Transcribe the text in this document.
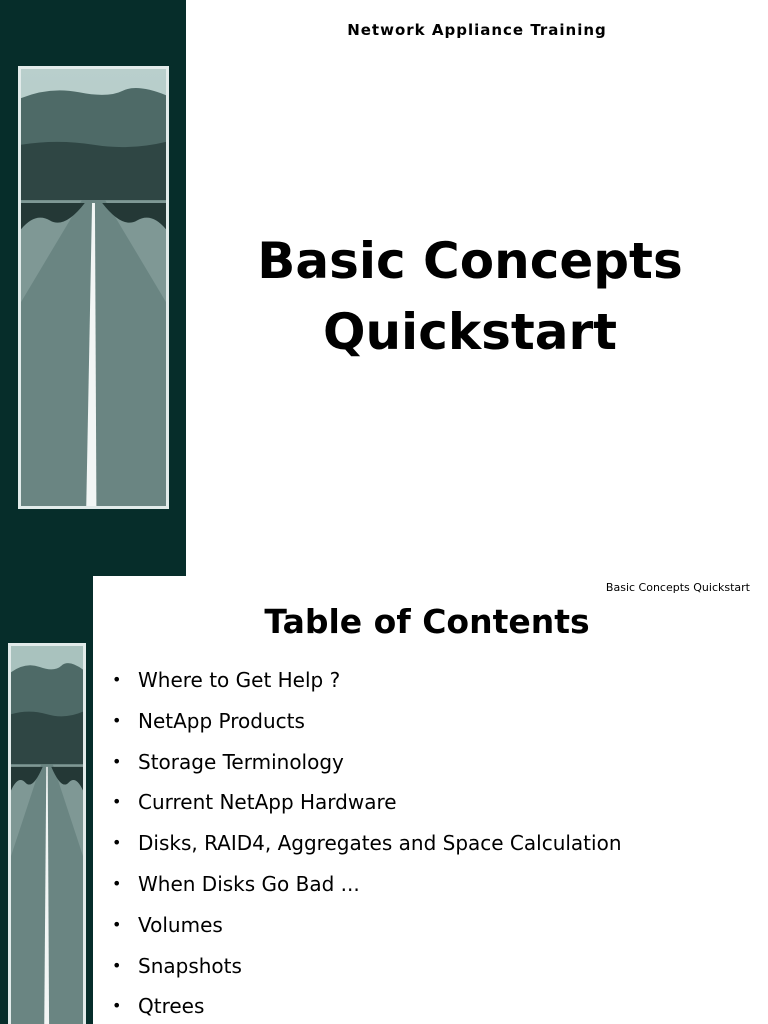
Network Appliance Training
Basic Concepts
Quickstart
Basic Concepts Quickstart
Table of Contents
• Where to Get Help ?
• NetApp Products
• Storage Terminology
• Current NetApp Hardware
• Disks, RAID4, Aggregates and Space Calculation
• When Disks Go Bad ...
• Volumes
• Snapshots
• Qtrees
